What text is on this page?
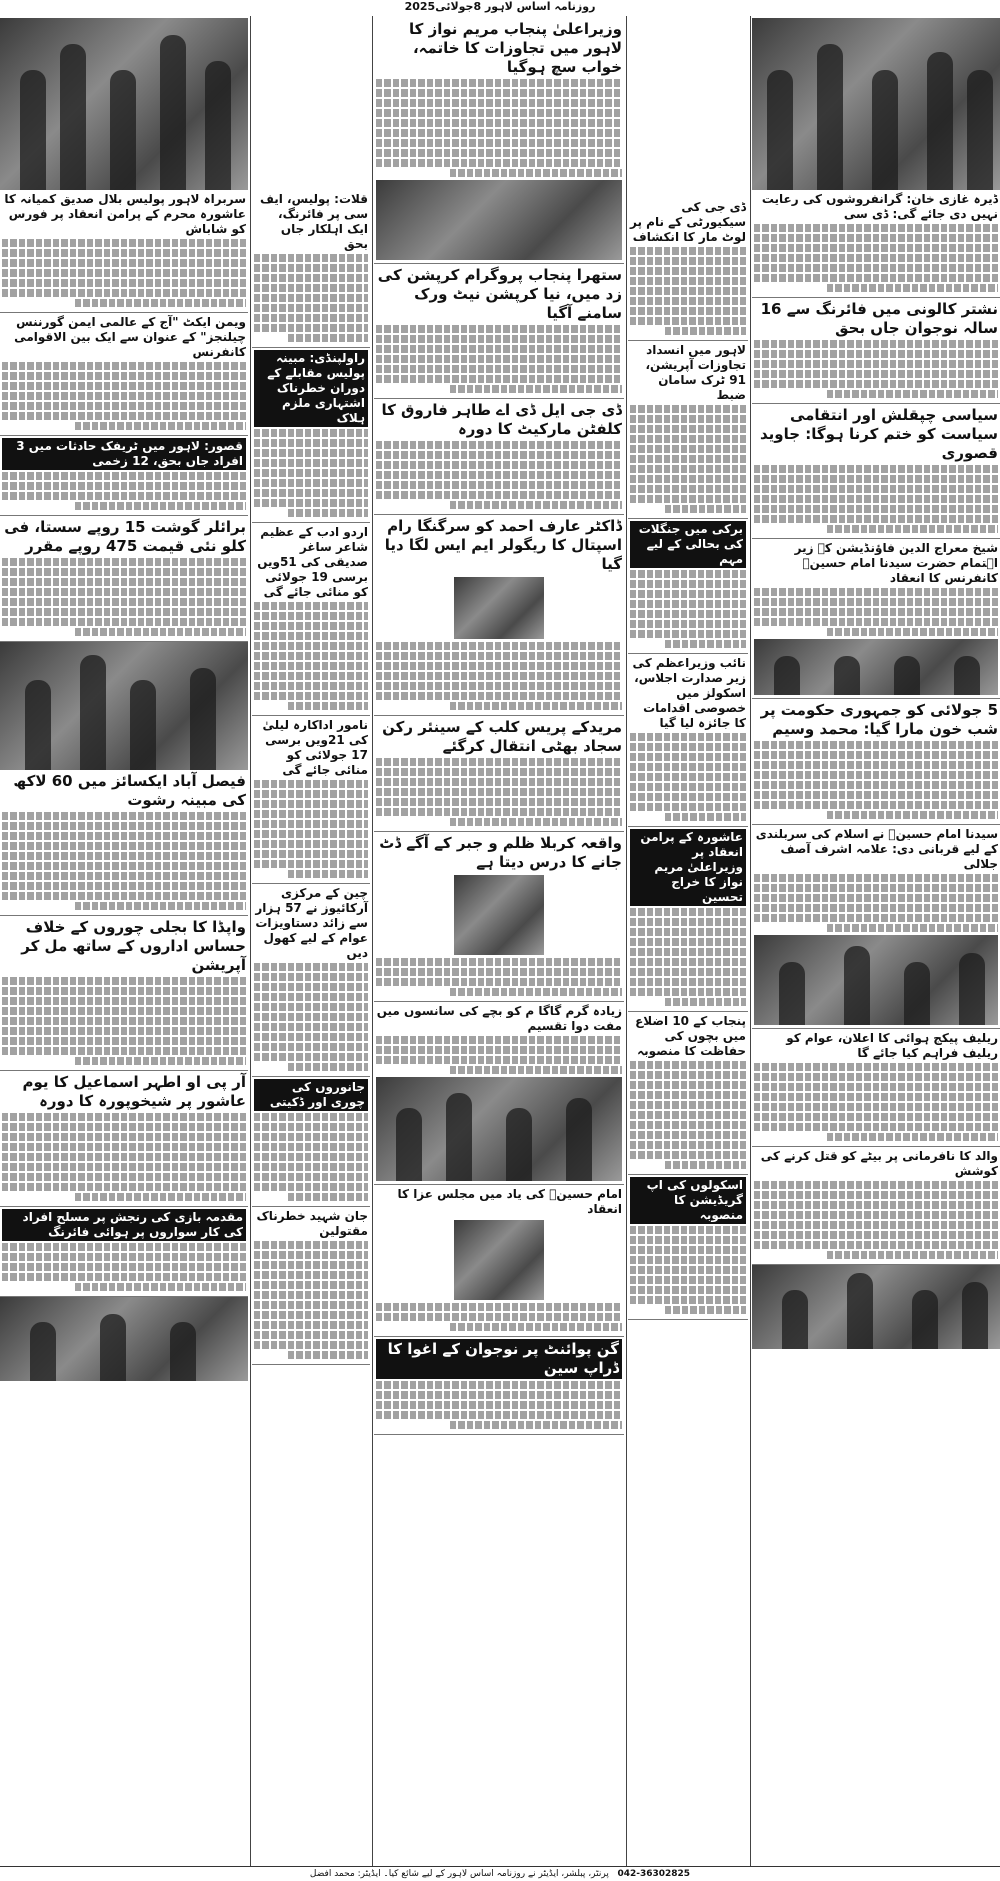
روزنامہ اساس لاہور 8جولائی2025
سربراہ لاہور پولیس بلال صدیق کمیانہ کا عاشورہ محرم کے پرامن انعقاد پر فورس کو شاباش
ویمن ایکٹ "آج کے عالمی ایمن گورننس چیلنجز" کے عنوان سے ایک بین الاقوامی کانفرنس
قصور: لاہور میں ٹریفک حادثات میں 3 افراد جاں بحق، 12 زخمی
برائلر گوشت 15 روپے سستا، فی کلو نئی قیمت 475 روپے مقرر
فیصل آباد ایکسائز میں 60 لاکھ کی مبینہ رشوت
واپڈا کا بجلی چوروں کے خلاف حساس اداروں کے ساتھ مل کر آپریشن
آر پی او اطہر اسماعیل کا یوم عاشور پر شیخوپورہ کا دورہ
مقدمہ بازی کی رنجش پر مسلح افراد کی کار سواروں پر ہوائی فائرنگ
قلات: پولیس، ایف سی پر فائرنگ، ایک اہلکار جاں بحق
راولپنڈی: مبینہ پولیس مقابلے کے دوران خطرناک اشتہاری ملزم ہلاک
اردو ادب کے عظیم شاعر ساغر صدیقی کی 51ویں برسی 19 جولائی کو منائی جائے گی
نامور اداکارہ لیلیٰ کی 21ویں برسی 17 جولائی کو منائی جائے گی
چین کے مرکزی آرکائیوز نے 57 ہزار سے زائد دستاویزات عوام کے لیے کھول دیں
جانوروں کی چوری اور ڈکیتی
جان شہید خطرناک مقتولین
وزیراعلیٰ پنجاب مریم نواز کا لاہور میں تجاوزات کا خاتمہ، خواب سچ ہوگیا
ستھرا پنجاب پروگرام کرپشن کی زد میں، نیا کرپشن نیٹ ورک سامنے آگیا
ڈی جی ایل ڈی اے طاہر فاروق کا کلفٹن مارکیٹ کا دورہ
ڈاکٹر عارف احمد کو سرگنگا رام اسپتال کا ریگولر ایم ایس لگا دیا گیا
مریدکے پریس کلب کے سینئر رکن سجاد بھٹی انتقال کرگئے
واقعہ کربلا ظلم و جبر کے آگے ڈٹ جانے کا درس دیتا ہے
زیادہ گرم گاگا م کو بچے کی سانسوں میں مفت دوا تقسیم
امام حسینؓ کی یاد میں مجلس عزا کا انعقاد
گن پوائنٹ پر نوجوان کے اغوا کا ڈراپ سین
ڈی جی کی سیکیورٹی کے نام پر لوٹ مار کا انکشاف
لاہور میں انسداد تجاوزات آپریشن، 91 ٹرک سامان ضبط
برکی میں جنگلات کی بحالی کے لیے مہم
نائب وزیراعظم کی زیر صدارت اجلاس، اسکولز میں خصوصی اقدامات کا جائزہ لیا گیا
عاشورہ کے پرامن انعقاد پر وزیراعلیٰ مریم نواز کا خراج تحسین
پنجاب کے 10 اضلاع میں بچوں کی حفاظت کا منصوبہ
اسکولوں کی اپ گریڈیشن کا منصوبہ
ڈیرہ غازی خان: گرانفروشوں کی رعایت نہیں دی جائے گی: ڈی سی
نشتر کالونی میں فائرنگ سے 16 سالہ نوجوان جاں بحق
سیاسی چپقلش اور انتقامی سیاست کو ختم کرنا ہوگا: جاوید قصوری
شیخ معراج الدین فاؤنڈیشن کے زیر اہتمام حضرت سیدنا امام حسینؓ کانفرنس کا انعقاد
5 جولائی کو جمہوری حکومت پر شب خون مارا گیا: محمد وسیم
سیدنا امام حسینؓ نے اسلام کی سربلندی کے لیے قربانی دی: علامہ اشرف آصف جلالی
ریلیف پیکج ہوائی کا اعلان، عوام کو ریلیف فراہم کیا جائے گا
والد کا نافرمانی پر بیٹے کو قتل کرنے کی کوشش
042-36302825   پرنٹر، پبلشر، ایڈیٹر نے روزنامہ اساس لاہور کے لیے شائع کیا۔ ایڈیٹر: محمد افضل
